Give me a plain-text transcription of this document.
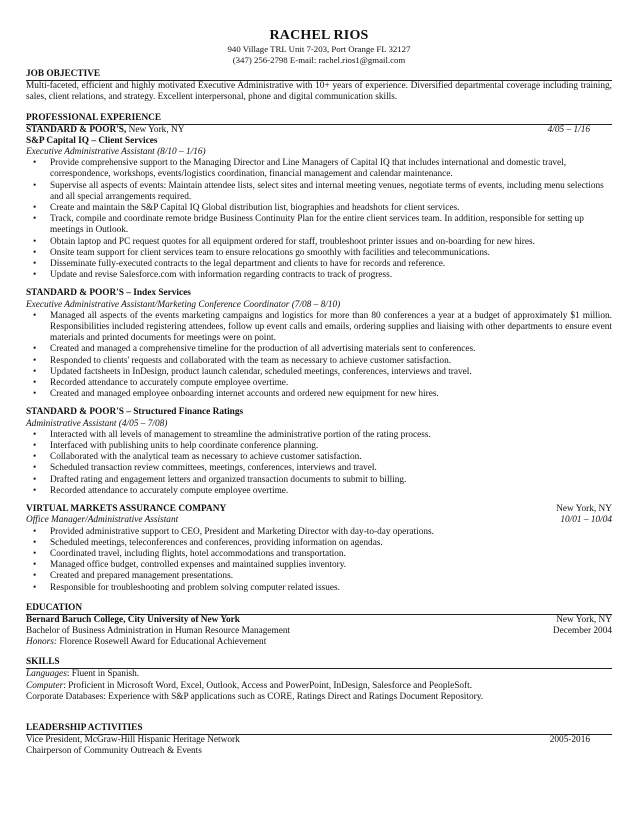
RACHEL RIOS
940 Village TRL Unit 7-203, Port Orange FL 32127
(347) 256-2798 E-mail: rachel.rios1@gmail.com
JOB OBJECTIVE
Multi-faceted, efficient and highly motivated Executive Administrative with 10+ years of experience. Diversified departmental coverage including training, sales, client relations, and strategy. Excellent interpersonal, phone and digital communication skills.
PROFESSIONAL EXPERIENCE
STANDARD & POOR'S, New York, NY	4/05 – 1/16
S&P Capital IQ – Client Services
Executive Administrative Assistant (8/10 – 1/16)
• Provide comprehensive support to the Managing Director and Line Managers of Capital IQ that includes international and domestic travel, correspondence, workshops, events/logistics coordination, financial management and calendar maintenance.
• Supervise all aspects of events: Maintain attendee lists, select sites and internal meeting venues, negotiate terms of events, including menu selections and all special arrangements required.
• Create and maintain the S&P Capital IQ Global distribution list, biographies and headshots for client services.
• Track, compile and coordinate remote bridge Business Continuity Plan for the entire client services team. In addition, responsible for setting up meetings in Outlook.
• Obtain laptop and PC request quotes for all equipment ordered for staff, troubleshoot printer issues and on-boarding for new hires.
• Onsite team support for client services team to ensure relocations go smoothly with facilities and telecommunications.
• Disseminate fully-executed contracts to the legal department and clients to have for records and reference.
• Update and revise Salesforce.com with information regarding contracts to track of progress.
STANDARD & POOR'S – Index Services
Executive Administrative Assistant/Marketing Conference Coordinator (7/08 – 8/10)
• Managed all aspects of the events marketing campaigns and logistics for more than 80 conferences a year at a budget of approximately $1 million. Responsibilities included registering attendees, follow up event calls and emails, ordering supplies and liaising with other departments to ensure event materials and printed documents for meetings were on point.
• Created and managed a comprehensive timeline for the production of all advertising materials sent to conferences.
• Responded to clients' requests and collaborated with the team as necessary to achieve customer satisfaction.
• Updated factsheets in InDesign, product launch calendar, scheduled meetings, conferences, interviews and travel.
• Recorded attendance to accurately compute employee overtime.
• Created and managed employee onboarding internet accounts and ordered new equipment for new hires.
STANDARD & POOR'S – Structured Finance Ratings
Administrative Assistant (4/05 – 7/08)
• Interacted with all levels of management to streamline the administrative portion of the rating process.
• Interfaced with publishing units to help coordinate conference planning.
• Collaborated with the analytical team as necessary to achieve customer satisfaction.
• Scheduled transaction review committees, meetings, conferences, interviews and travel.
• Drafted rating and engagement letters and organized transaction documents to submit to billing.
• Recorded attendance to accurately compute employee overtime.
VIRTUAL MARKETS ASSURANCE COMPANY	New York, NY
Office Manager/Administrative Assistant	10/01 – 10/04
• Provided administrative support to CEO, President and Marketing Director with day-to-day operations.
• Scheduled meetings, teleconferences and conferences, providing information on agendas.
• Coordinated travel, including flights, hotel accommodations and transportation.
• Managed office budget, controlled expenses and maintained supplies inventory.
• Created and prepared management presentations.
• Responsible for troubleshooting and problem solving computer related issues.
EDUCATION
Bernard Baruch College, City University of New York	New York, NY
Bachelor of Business Administration in Human Resource Management	December 2004
Honors: Florence Rosewell Award for Educational Achievement
SKILLS
Languages: Fluent in Spanish.
Computer: Proficient in Microsoft Word, Excel, Outlook, Access and PowerPoint, InDesign, Salesforce and PeopleSoft.
Corporate Databases: Experience with S&P applications such as CORE, Ratings Direct and Ratings Document Repository.
LEADERSHIP ACTIVITIES
Vice President, McGraw-Hill Hispanic Heritage Network	2005-2016
Chairperson of Community Outreach & Events
